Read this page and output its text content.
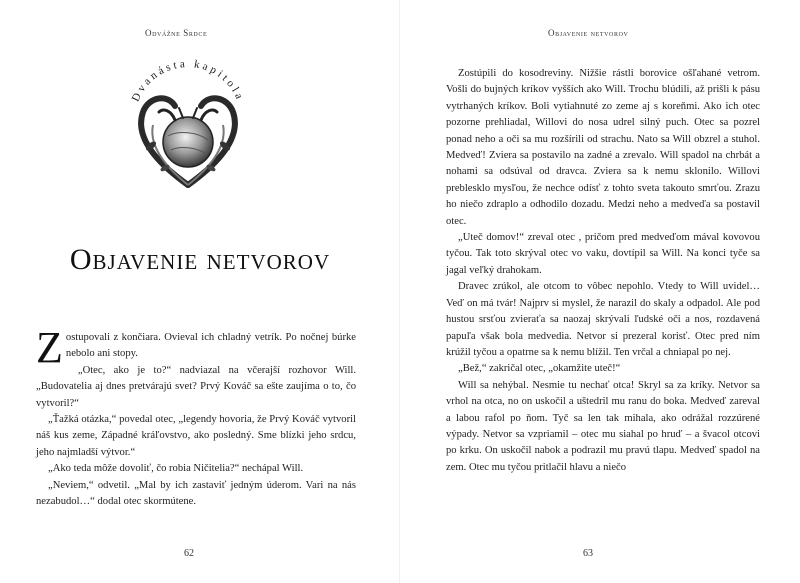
Odvážne Srdce
Dvanásta kapitola
Objavenie netvorov

Zostupovali z končiara. Ovieval ich chladný vetrík. Po nočnej búrke nebolo ani stopy.

„Otec, ako je to?“ nadviazal na včerajší rozhovor Will. „Budovatelia aj dnes pretvárajú svet? Prvý Kováč sa ešte zaujíma o to, čo vytvoril?“

„Ťažká otázka,“ povedal otec, „legendy hovoria, že Prvý Kováč vytvoril náš kus zeme, Západné kráľovstvo, ako posledný. Sme blízki jeho srdcu, jeho najmladší výtvor.“

„Ako teda môže dovoliť, čo robia Ničitelia?“ nechápal Will.

„Neviem,“ odvetil. „Mal by ich zastaviť jedným úderom. Vari na nás nezabudol…“ dodal otec skormútene.

62
Objavenie netvorov

Zostúpili do kosodreviny. Nižšie rástli borovice ošľahané vetrom. Vošli do bujných kríkov vyšších ako Will. Trochu blúdili, až prišli k pásu vytrhaných kríkov. Boli vytiahnuté zo zeme aj s koreňmi. Ako ich otec pozorne prehliadal, Willovi do nosa udrel silný puch. Otec sa pozrel ponad neho a oči sa mu rozšírili od strachu. Nato sa Will obzrel a stuhol. Medveď! Zviera sa postavilo na zadné a zrevalo. Will spadol na chrbát a nohami sa odsúval od dravca. Zviera sa k nemu sklonilo. Willovi preblesklo mysľou, že nechce odísť z tohto sveta takouto smrťou. Zrazu ho niečo zdraplo a odhodilo dozadu. Medzi neho a medveďa sa postavil otec.

„Uteč domov!“ zreval otec , pričom pred medveďom mával kovovou tyčou. Tak toto skrýval otec vo vaku, dovtípil sa Will. Na konci tyče sa jagal veľký drahokam.

Dravec zrúkol, ale otcom to vôbec nepohlo. Vtedy to Will uvidel… Veď on má tvár! Najprv si myslel, že narazil do skaly a odpadol. Ale pod hustou srsťou zvieraťa sa naozaj skrývali ľudské oči a nos, rozdavená papuľa však bola medvedia. Netvor si prezeral korisť. Otec pred ním krúžil tyčou a opatrne sa k nemu blížil. Ten vrčal a chniapal po nej.

„Bež,“ zakričal otec, „okamžite uteč!“

Will sa nehýbal. Nesmie tu nechať otca! Skryl sa za kríky. Netvor sa vrhol na otca, no on uskočil a uštedril mu ranu do boka. Medveď zareval a labou rafol po ňom. Tyč sa len tak mihala, ako odrážal rozzúrené výpady. Netvor sa vzpriamil – otec mu siahal po hruď – a švacol otcovi po krku. On uskočil nabok a podrazil mu pravú tlapu. Medveď spadol na zem. Otec mu tyčou pritlačil hlavu a niečo

63
